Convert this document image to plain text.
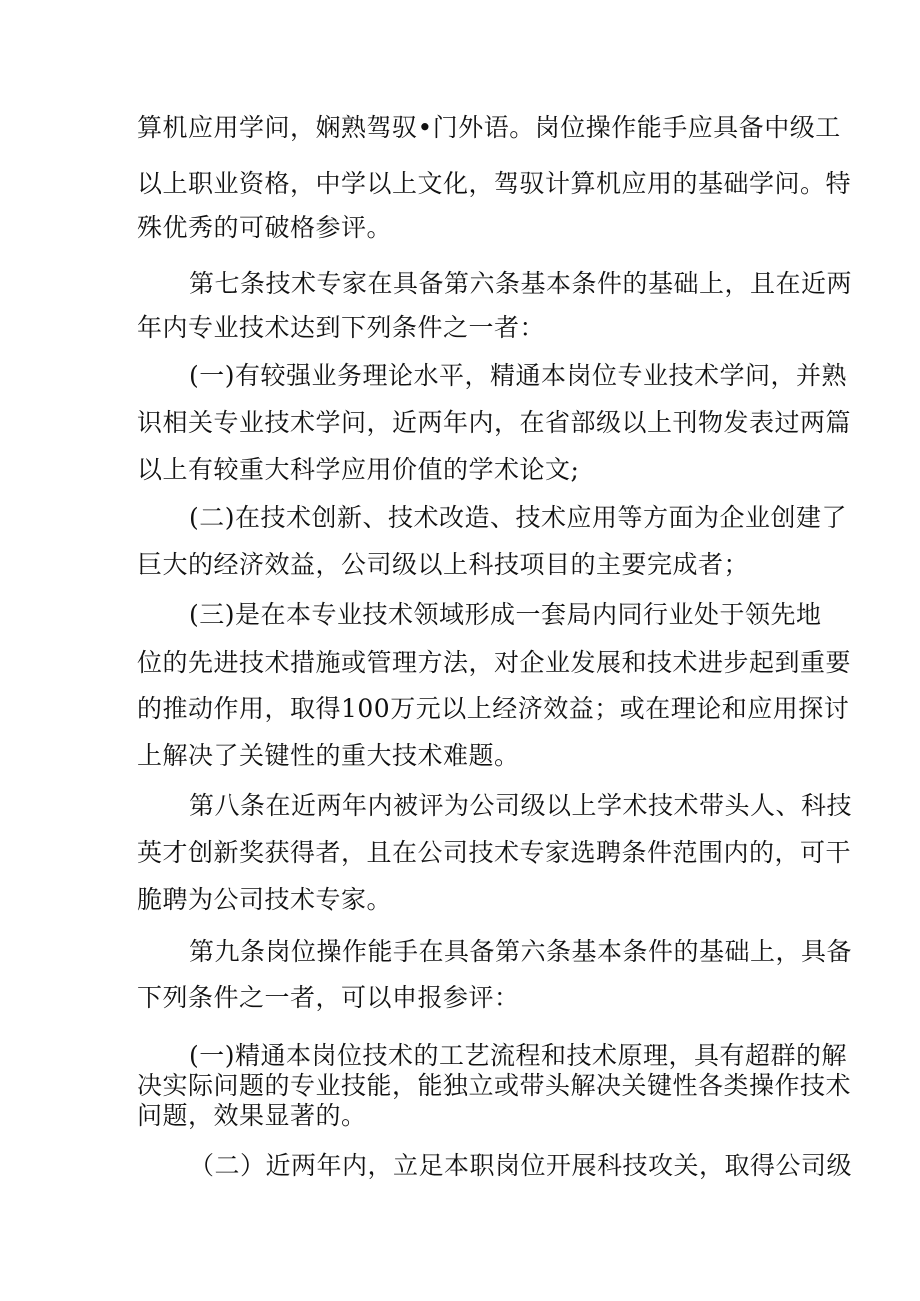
算机应用学问，娴熟驾驭•门外语。岗位操作能手应具备中级工
以上职业资格，中学以上文化，驾驭计算机应用的基础学问。特
殊优秀的可破格参评。
第七条技术专家在具备第六条基本条件的基础上，且在近两
年内专业技术达到下列条件之一者：
(一)有较强业务理论水平，精通本岗位专业技术学问，并熟
识相关专业技术学问，近两年内，在省部级以上刊物发表过两篇
以上有较重大科学应用价值的学术论文;
(二)在技术创新、技术改造、技术应用等方面为企业创建了
巨大的经济效益，公司级以上科技项目的主要完成者；
(三)是在本专业技术领域形成一套局内同行业处于领先地
位的先进技术措施或管理方法，对企业发展和技术进步起到重要
的推动作用，取得100万元以上经济效益；或在理论和应用探讨
上解决了关键性的重大技术难题。
第八条在近两年内被评为公司级以上学术技术带头人、科技
英才创新奖获得者，且在公司技术专家选聘条件范围内的，可干
脆聘为公司技术专家。
第九条岗位操作能手在具备第六条基本条件的基础上，具备
下列条件之一者，可以申报参评：
(一)精通本岗位技术的工艺流程和技术原理，具有超群的解
决实际问题的专业技能，能独立或带头解决关键性各类操作技术
问题，效果显著的。
（二）近两年内，立足本职岗位开展科技攻关，取得公司级
